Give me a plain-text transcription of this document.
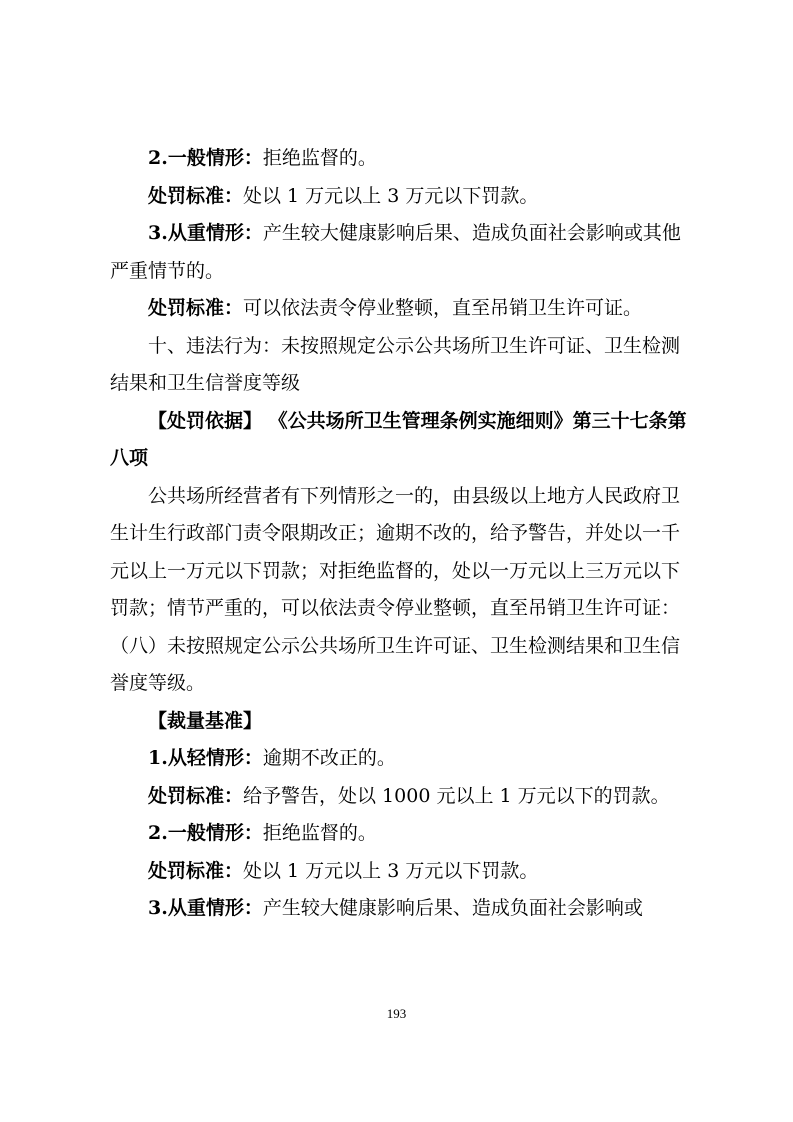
2.一般情形：拒绝监督的。

处罚标准：处以 1 万元以上 3 万元以下罚款。

3.从重情形：产生较大健康影响后果、造成负面社会影响或其他严重情节的。

处罚标准：可以依法责令停业整顿，直至吊销卫生许可证。

十、违法行为：未按照规定公示公共场所卫生许可证、卫生检测结果和卫生信誉度等级

【处罚依据】 《公共场所卫生管理条例实施细则》第三十七条第八项

公共场所经营者有下列情形之一的，由县级以上地方人民政府卫生计生行政部门责令限期改正；逾期不改的，给予警告，并处以一千元以上一万元以下罚款；对拒绝监督的，处以一万元以上三万元以下罚款；情节严重的，可以依法责令停业整顿，直至吊销卫生许可证：（八）未按照规定公示公共场所卫生许可证、卫生检测结果和卫生信誉度等级。

【裁量基准】

1.从轻情形：逾期不改正的。

处罚标准：给予警告，处以 1000 元以上 1 万元以下的罚款。

2.一般情形：拒绝监督的。

处罚标准：处以 1 万元以上 3 万元以下罚款。

3.从重情形：产生较大健康影响后果、造成负面社会影响或

193
